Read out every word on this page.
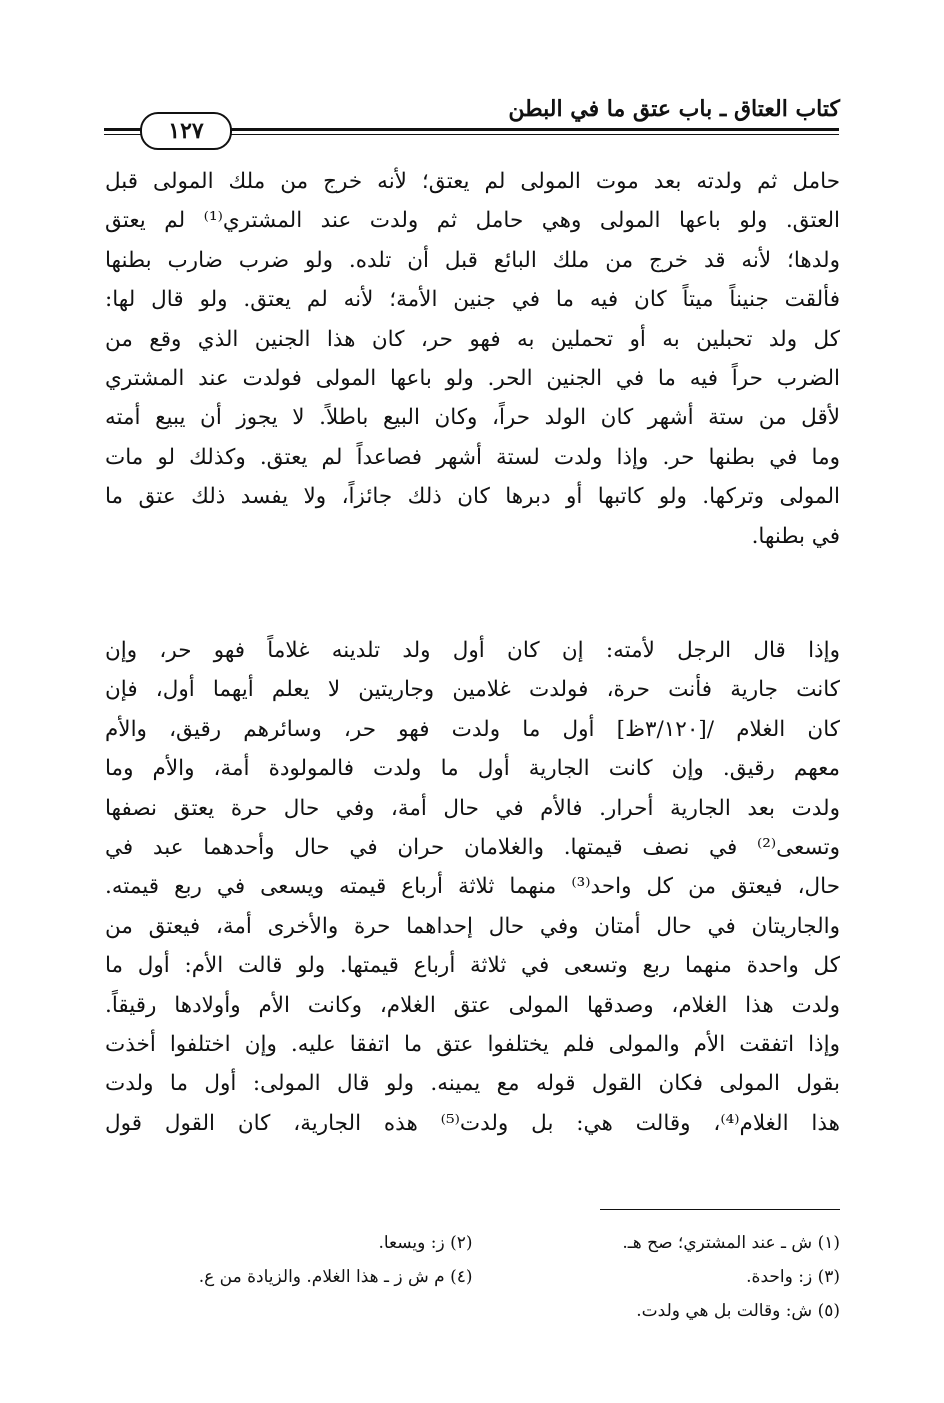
كتاب العتاق ـ باب عتق ما في البطن
١٢٧
حامل ثم ولدته بعد موت المولى لم يعتق؛ لأنه خرج من ملك المولى قبل
العتق. ولو باعها المولى وهي حامل ثم ولدت عند المشتري⁽¹⁾ لم يعتق
ولدها؛ لأنه قد خرج من ملك البائع قبل أن تلده. ولو ضرب ضارب بطنها
فألقت جنيناً ميتاً كان فيه ما في جنين الأمة؛ لأنه لم يعتق. ولو قال لها:
كل ولد تحبلين به أو تحملين به فهو حر، كان هذا الجنين الذي وقع من
الضرب حراً فيه ما في الجنين الحر. ولو باعها المولى فولدت عند المشتري
لأقل من ستة أشهر كان الولد حراً، وكان البيع باطلاً. لا يجوز أن يبيع أمته
وما في بطنها حر. وإذا ولدت لستة أشهر فصاعداً لم يعتق. وكذلك لو مات
المولى وتركها. ولو كاتبها أو دبرها كان ذلك جائزاً، ولا يفسد ذلك عتق ما
في بطنها.
وإذا قال الرجل لأمته: إن كان أول ولد تلدينه غلاماً فهو حر، وإن
كانت جارية فأنت حرة، فولدت غلامين وجاريتين لا يعلم أيهما أول، فإن
كان الغلام /[٣/١٢٠ظ] أول ما ولدت فهو حر، وسائرهم رقيق، والأم
معهم رقيق. وإن كانت الجارية أول ما ولدت فالمولودة أمة، والأم وما
ولدت بعد الجارية أحرار. فالأم في حال أمة، وفي حال حرة يعتق نصفها
وتسعى⁽²⁾ في نصف قيمتها. والغلامان حران في حال وأحدهما عبد في
حال، فيعتق من كل واحد⁽³⁾ منهما ثلاثة أرباع قيمته ويسعى في ربع قيمته.
والجاريتان في حال أمتان وفي حال إحداهما حرة والأخرى أمة، فيعتق من
كل واحدة منهما ربع وتسعى في ثلاثة أرباع قيمتها. ولو قالت الأم: أول ما
ولدت هذا الغلام، وصدقها المولى عتق الغلام، وكانت الأم وأولادها رقيقاً.
وإذا اتفقت الأم والمولى فلم يختلفوا عتق ما اتفقا عليه. وإن اختلفوا أخذت
بقول المولى فكان القول قوله مع يمينه. ولو قال المولى: أول ما ولدت
هذا الغلام⁽⁴⁾، وقالت هي: بل ولدت⁽⁵⁾ هذه الجارية، كان القول قول
(١) ش ـ عند المشتري؛ صح هـ.
(٢) ز: ويسعا.
(٣) ز: واحدة.
(٤) م ش ز ـ هذا الغلام. والزيادة من ع.
(٥) ش: وقالت بل هي ولدت.
